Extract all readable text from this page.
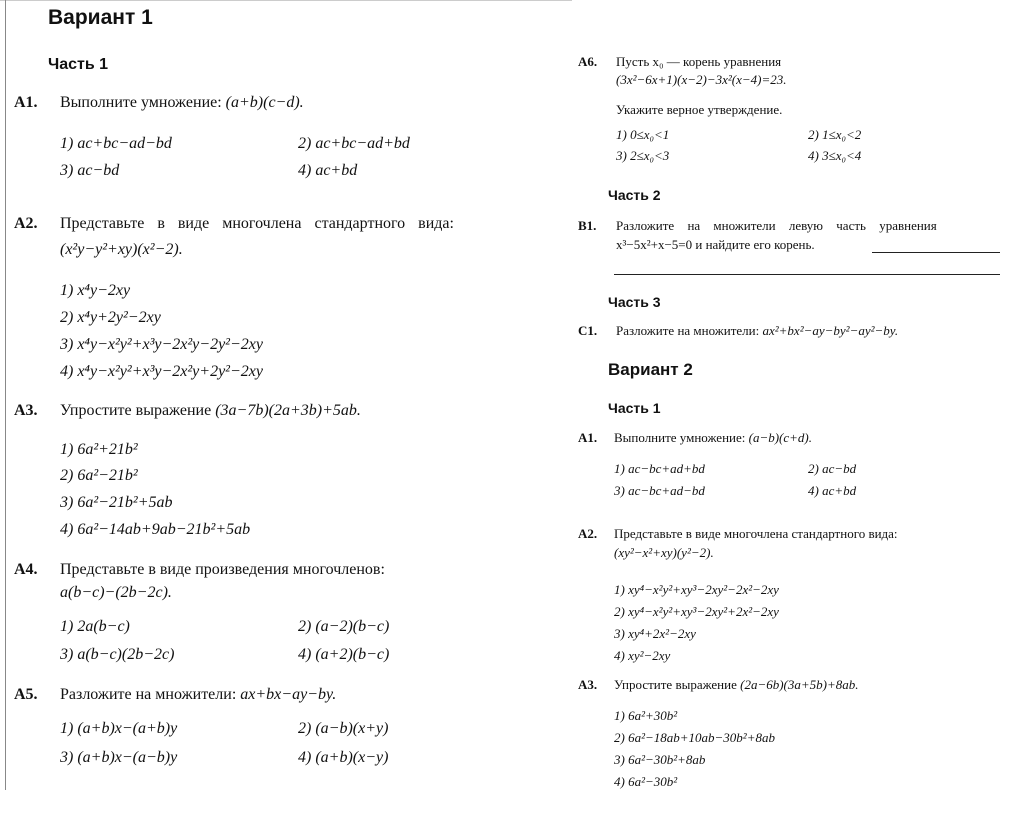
Вариант 1
Часть 1
А1. Выполните умножение: (a+b)(c−d).
1) ac+bc−ad−bd	2) ac+bc−ad+bd
3) ac−bd	4) ac+bd
А2. Представьте в виде многочлена стандартного вида:
(x²y−y²+xy)(x²−2).
1) x⁴y−2xy
2) x⁴y+2y²−2xy
3) x⁴y−x²y²+x³y−2x²y−2y²−2xy
4) x⁴y−x²y²+x³y−2x²y+2y²−2xy
А3. Упростите выражение (3a−7b)(2a+3b)+5ab.
1) 6a²+21b²
2) 6a²−21b²
3) 6a²−21b²+5ab
4) 6a²−14ab+9ab−21b²+5ab
А4. Представьте в виде произведения многочленов:
a(b−c)−(2b−2c).
1) 2a(b−c)	2) (a−2)(b−c)
3) a(b−c)(2b−2c)	4) (a+2)(b−c)
А5. Разложите на множители: ax+bx−ay−by.
1) (a+b)x−(a+b)y	2) (a−b)(x+y)
3) (a+b)x−(a−b)y	4) (a+b)(x−y)
А6. Пусть x₀ — корень уравнения
(3x²−6x+1)(x−2)−3x²(x−4)=23.
Укажите верное утверждение.
1) 0≤x₀<1	2) 1≤x₀<2
3) 2≤x₀<3	4) 3≤x₀<4
Часть 2
В1. Разложите на множители левую часть уравнения
x³−5x²+x−5=0 и найдите его корень.
Часть 3
С1. Разложите на множители: ax²+bx²−ay−by²−ay²−by.
Вариант 2
Часть 1
А1. Выполните умножение: (a−b)(c+d).
1) ac−bc+ad+bd	2) ac−bd
3) ac−bc+ad−bd	4) ac+bd
А2. Представьте в виде многочлена стандартного вида:
(xy²−x²+xy)(y²−2).
1) xy⁴−x²y²+xy³−2xy²−2x²−2xy
2) xy⁴−x²y²+xy³−2xy²+2x²−2xy
3) xy⁴+2x²−2xy
4) xy²−2xy
А3. Упростите выражение (2a−6b)(3a+5b)+8ab.
1) 6a²+30b²
2) 6a²−18ab+10ab−30b²+8ab
3) 6a²−30b²+8ab
4) 6a²−30b²
